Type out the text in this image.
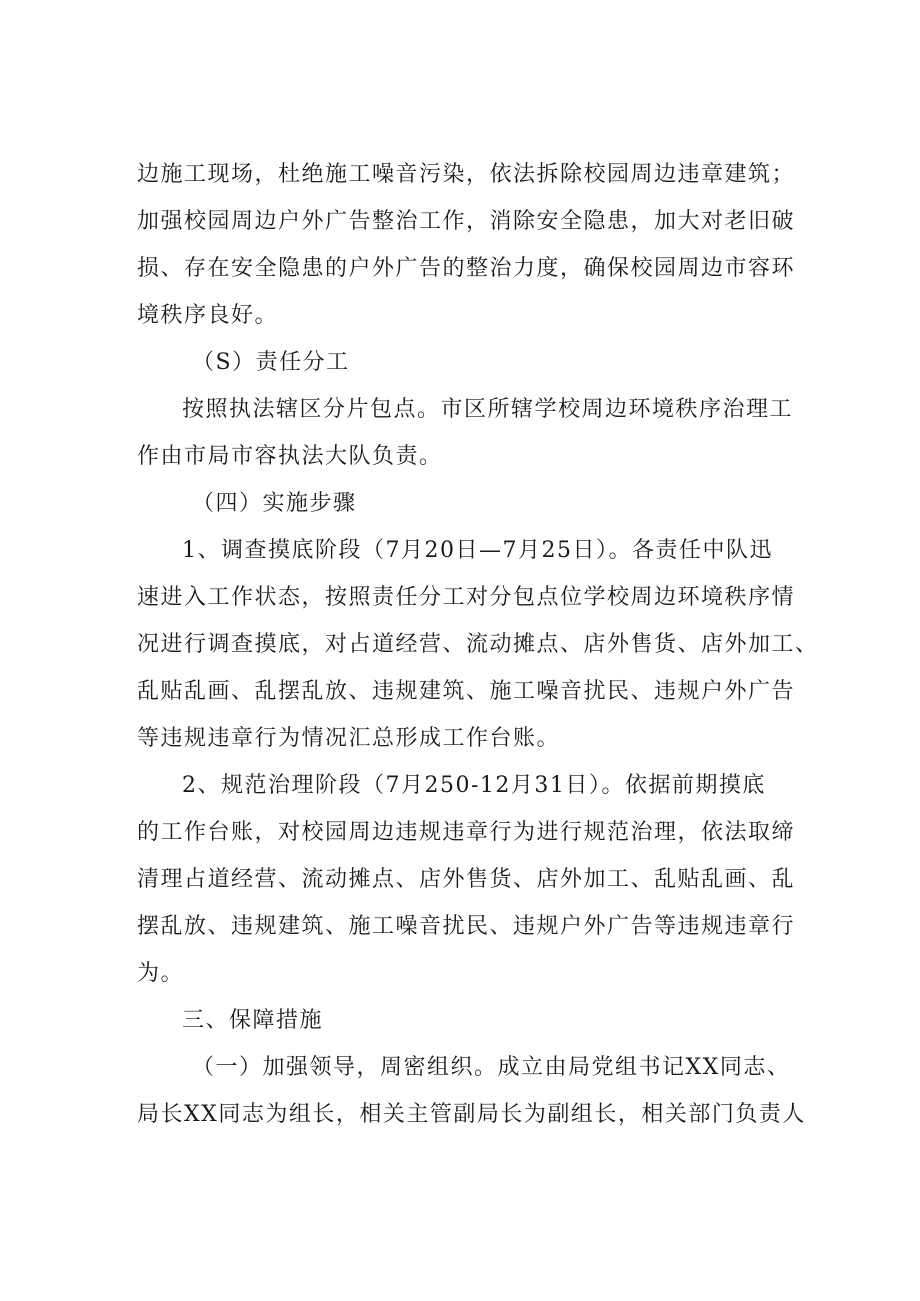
边施工现场，杜绝施工噪音污染，依法拆除校园周边违章建筑；
加强校园周边户外广告整治工作，消除安全隐患，加大对老旧破
损、存在安全隐患的户外广告的整治力度，确保校园周边市容环
境秩序良好。
（S）责任分工
按照执法辖区分片包点。市区所辖学校周边环境秩序治理工
作由市局市容执法大队负责。
（四）实施步骤
1、调查摸底阶段（7月20日—7月25日）。各责任中队迅
速进入工作状态，按照责任分工对分包点位学校周边环境秩序情
况进行调查摸底，对占道经营、流动摊点、店外售货、店外加工、
乱贴乱画、乱摆乱放、违规建筑、施工噪音扰民、违规户外广告
等违规违章行为情况汇总形成工作台账。
2、规范治理阶段（7月250-12月31日）。依据前期摸底
的工作台账，对校园周边违规违章行为进行规范治理，依法取缔
清理占道经营、流动摊点、店外售货、店外加工、乱贴乱画、乱
摆乱放、违规建筑、施工噪音扰民、违规户外广告等违规违章行
为。
三、保障措施
（一）加强领导，周密组织。成立由局党组书记XX同志、
局长XX同志为组长，相关主管副局长为副组长，相关部门负责人
